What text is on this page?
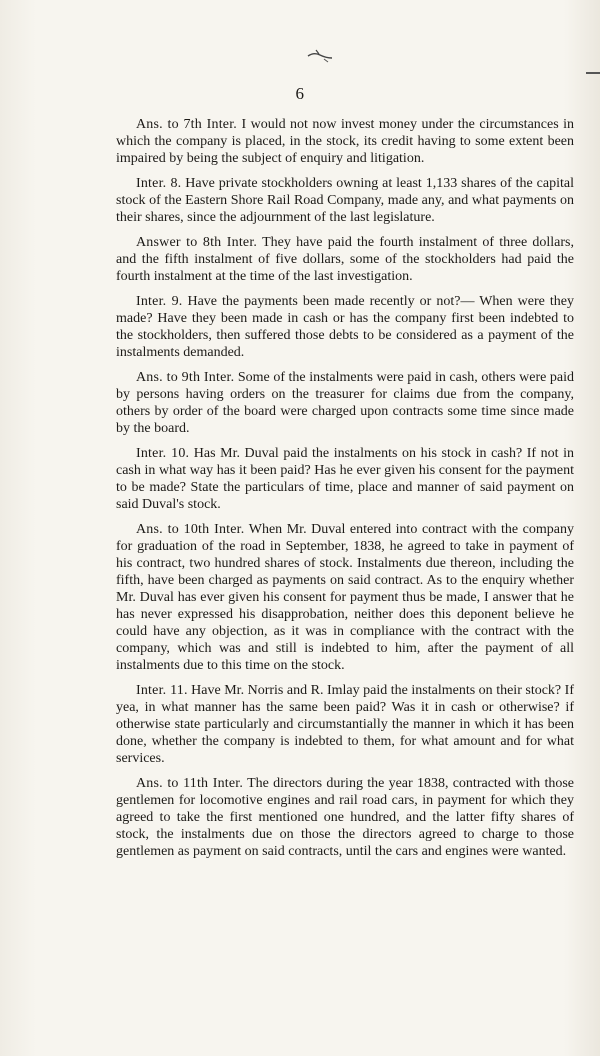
6

Ans. to 7th Inter. I would not now invest money under the circumstances in which the company is placed, in the stock, its credit having to some extent been impaired by being the subject of enquiry and litigation.

Inter. 8. Have private stockholders owning at least 1,133 shares of the capital stock of the Eastern Shore Rail Road Company, made any, and what payments on their shares, since the adjournment of the last legislature.

Answer to 8th Inter. They have paid the fourth instalment of three dollars, and the fifth instalment of five dollars, some of the stockholders had paid the fourth instalment at the time of the last investigation.

Inter. 9. Have the payments been made recently or not?— When were they made? Have they been made in cash or has the company first been indebted to the stockholders, then suffered those debts to be considered as a payment of the instalments demanded.

Ans. to 9th Inter. Some of the instalments were paid in cash, others were paid by persons having orders on the treasurer for claims due from the company, others by order of the board were charged upon contracts some time since made by the board.

Inter. 10. Has Mr. Duval paid the instalments on his stock in cash? If not in cash in what way has it been paid? Has he ever given his consent for the payment to be made? State the particulars of time, place and manner of said payment on said Duval's stock.

Ans. to 10th Inter. When Mr. Duval entered into contract with the company for graduation of the road in September, 1838, he agreed to take in payment of his contract, two hundred shares of stock. Instalments due thereon, including the fifth, have been charged as payments on said contract. As to the enquiry whether Mr. Duval has ever given his consent for payment thus be made, I answer that he has never expressed his disapprobation, neither does this deponent believe he could have any objection, as it was in compliance with the contract with the company, which was and still is indebted to him, after the payment of all instalments due to this time on the stock.

Inter. 11. Have Mr. Norris and R. Imlay paid the instalments on their stock? If yea, in what manner has the same been paid? Was it in cash or otherwise? if otherwise state particularly and circumstantially the manner in which it has been done, whether the company is indebted to them, for what amount and for what services.

Ans. to 11th Inter. The directors during the year 1838, contracted with those gentlemen for locomotive engines and rail road cars, in payment for which they agreed to take the first mentioned one hundred, and the latter fifty shares of stock, the instalments due on those the directors agreed to charge to those gentlemen as payment on said contracts, until the cars and engines were wanted.
